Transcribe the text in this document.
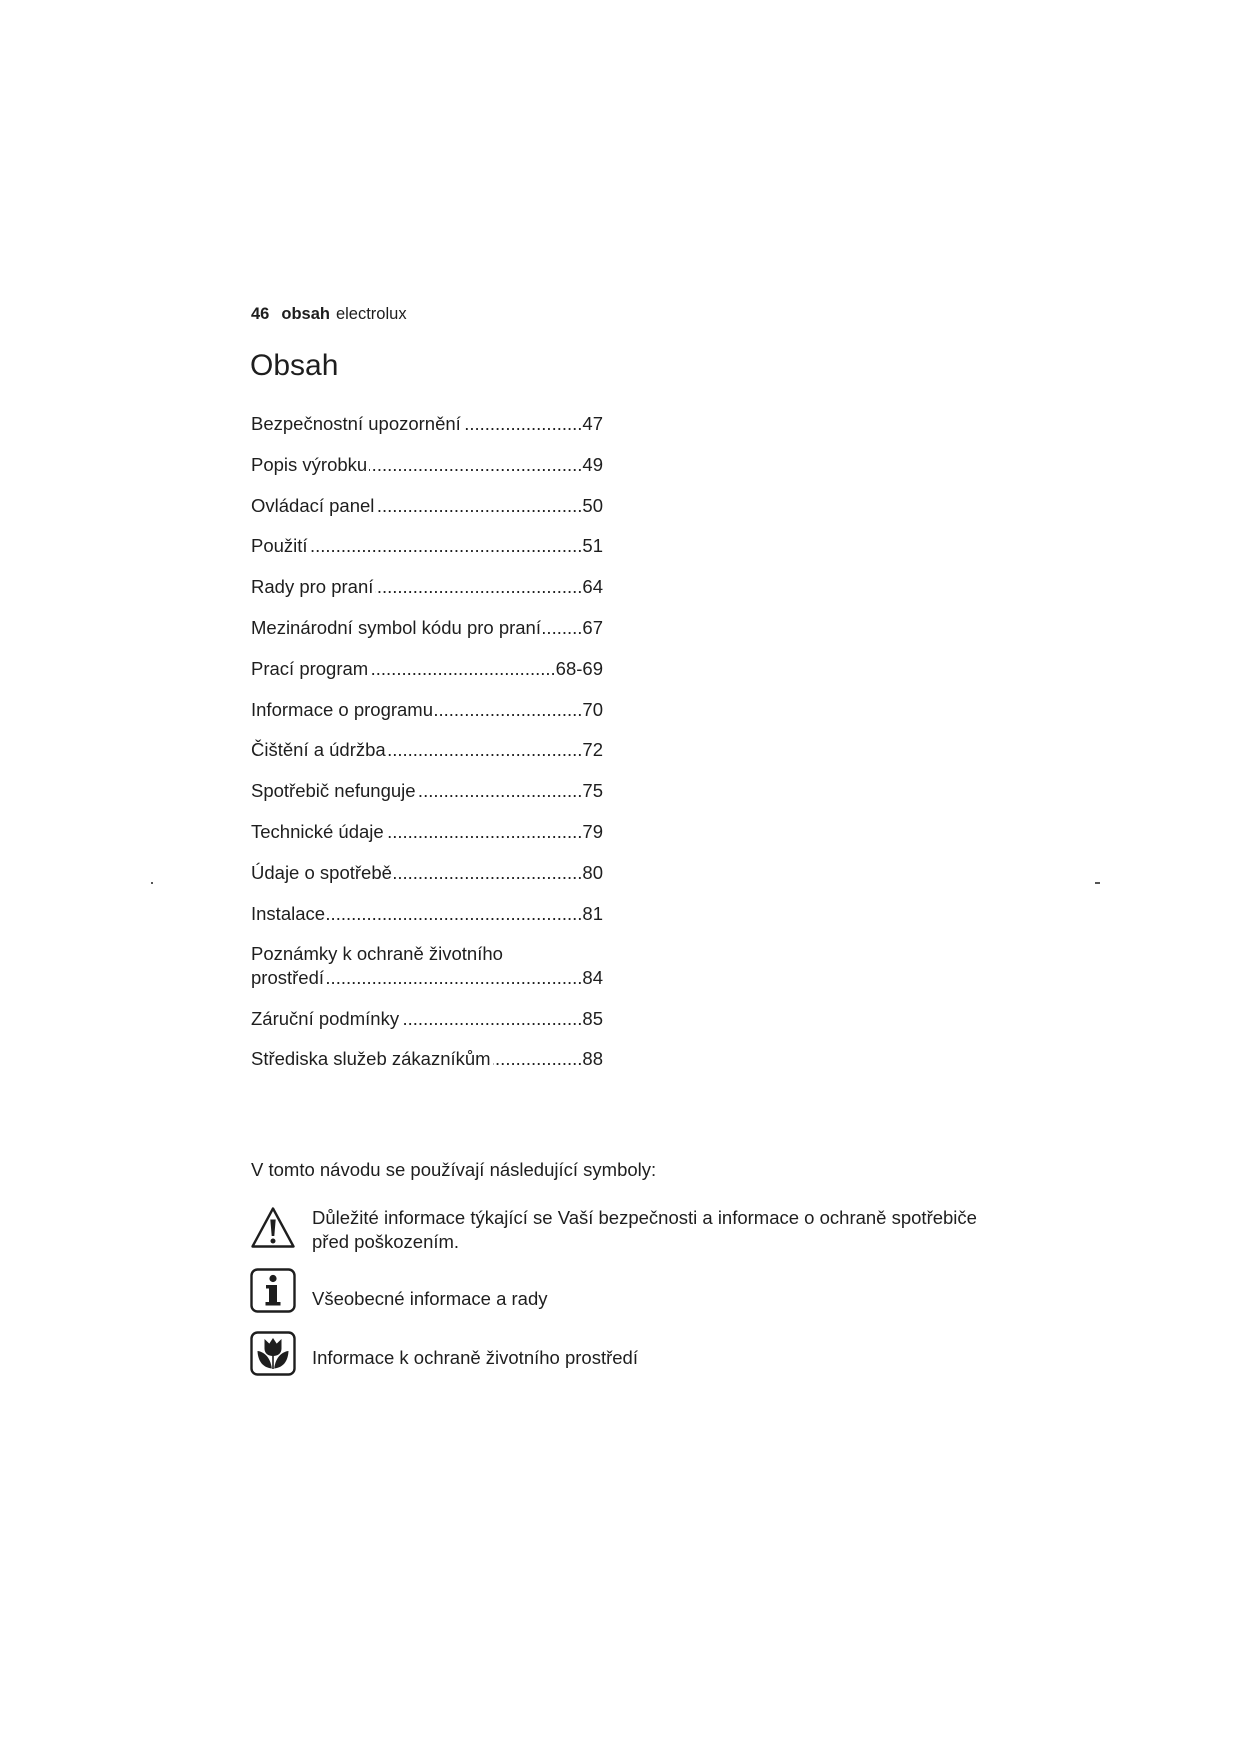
46 obsah electrolux
Obsah
Bezpečnostní upozornění .....	47
Popis výrobku .....	49
Ovládací panel .....	50
Použití .....	51
Rady pro praní .....	64
Mezinárodní symbol kódu pro praní ..... 67
Prací program .....	68-69
Informace o programu .....	70
Čištění a údržba .....	72
Spotřebič nefunguje .....	75
Technické údaje .....	79
Údaje o spotřebě .....	80
Instalace .....	81
Poznámky k ochraně životního
prostředí .....	84
Záruční podmínky .....	85
Střediska služeb zákazníkům .....	88
V tomto návodu se používají následující symboly:
Důležité informace týkající se Vaší bezpečnosti a informace o ochraně spotřebiče
před poškozením.
Všeobecné informace a rady
Informace k ochraně životního prostředí
